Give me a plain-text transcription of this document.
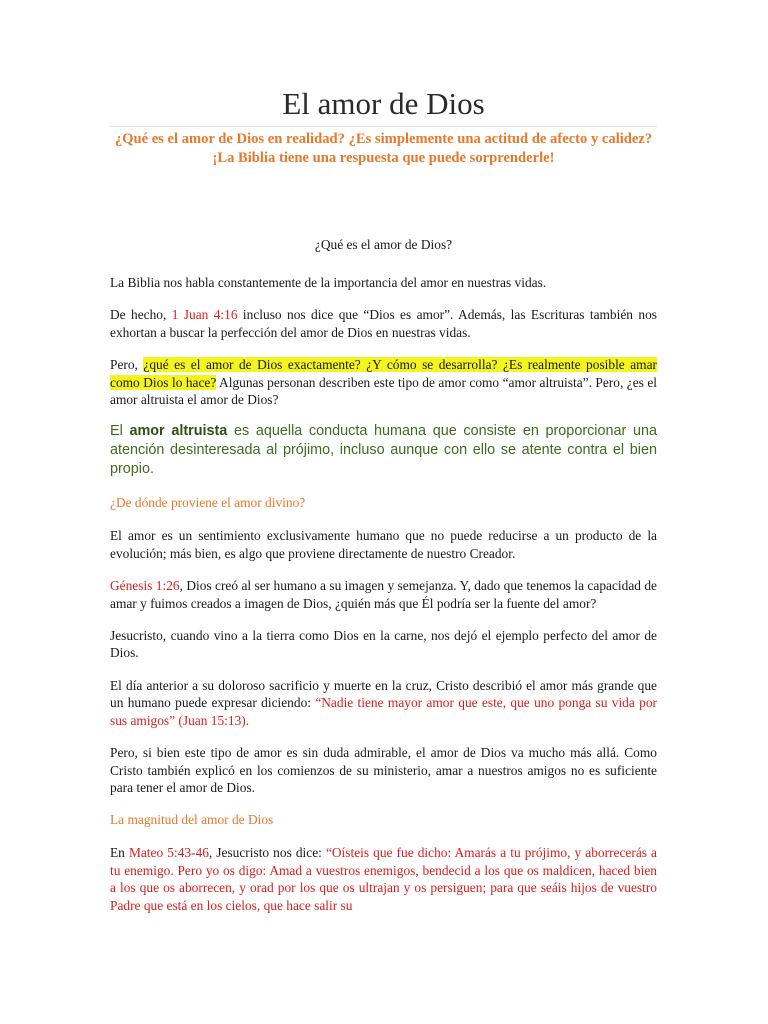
El amor de Dios

¿Qué es el amor de Dios en realidad? ¿Es simplemente una actitud de afecto y calidez? ¡La Biblia tiene una respuesta que puede sorprenderle!

¿Qué es el amor de Dios?

La Biblia nos habla constantemente de la importancia del amor en nuestras vidas.

De hecho, 1 Juan 4:16 incluso nos dice que “Dios es amor”. Además, las Escrituras también nos exhortan a buscar la perfección del amor de Dios en nuestras vidas.

Pero, ¿qué es el amor de Dios exactamente? ¿Y cómo se desarrolla? ¿Es realmente posible amar como Dios lo hace? Algunas personan describen este tipo de amor como “amor altruista”. Pero, ¿es el amor altruista el amor de Dios?

El amor altruista es aquella conducta humana que consiste en proporcionar una atención desinteresada al prójimo, incluso aunque con ello se atente contra el bien propio.

¿De dónde proviene el amor divino?

El amor es un sentimiento exclusivamente humano que no puede reducirse a un producto de la evolución; más bien, es algo que proviene directamente de nuestro Creador.

Génesis 1:26, Dios creó al ser humano a su imagen y semejanza. Y, dado que tenemos la capacidad de amar y fuimos creados a imagen de Dios, ¿quién más que Él podría ser la fuente del amor?

Jesucristo, cuando vino a la tierra como Dios en la carne, nos dejó el ejemplo perfecto del amor de Dios.

El día anterior a su doloroso sacrificio y muerte en la cruz, Cristo describió el amor más grande que un humano puede expresar diciendo: “Nadie tiene mayor amor que este, que uno ponga su vida por sus amigos” (Juan 15:13).

Pero, si bien este tipo de amor es sin duda admirable, el amor de Dios va mucho más allá. Como Cristo también explicó en los comienzos de su ministerio, amar a nuestros amigos no es suficiente para tener el amor de Dios.

La magnitud del amor de Dios

En Mateo 5:43-46, Jesucristo nos dice: “Oísteis que fue dicho: Amarás a tu prójimo, y aborrecerás a tu enemigo. Pero yo os digo: Amad a vuestros enemigos, bendecid a los que os maldicen, haced bien a los que os aborrecen, y orad por los que os ultrajan y os persiguen; para que seáis hijos de vuestro Padre que está en los cielos, que hace salir su
